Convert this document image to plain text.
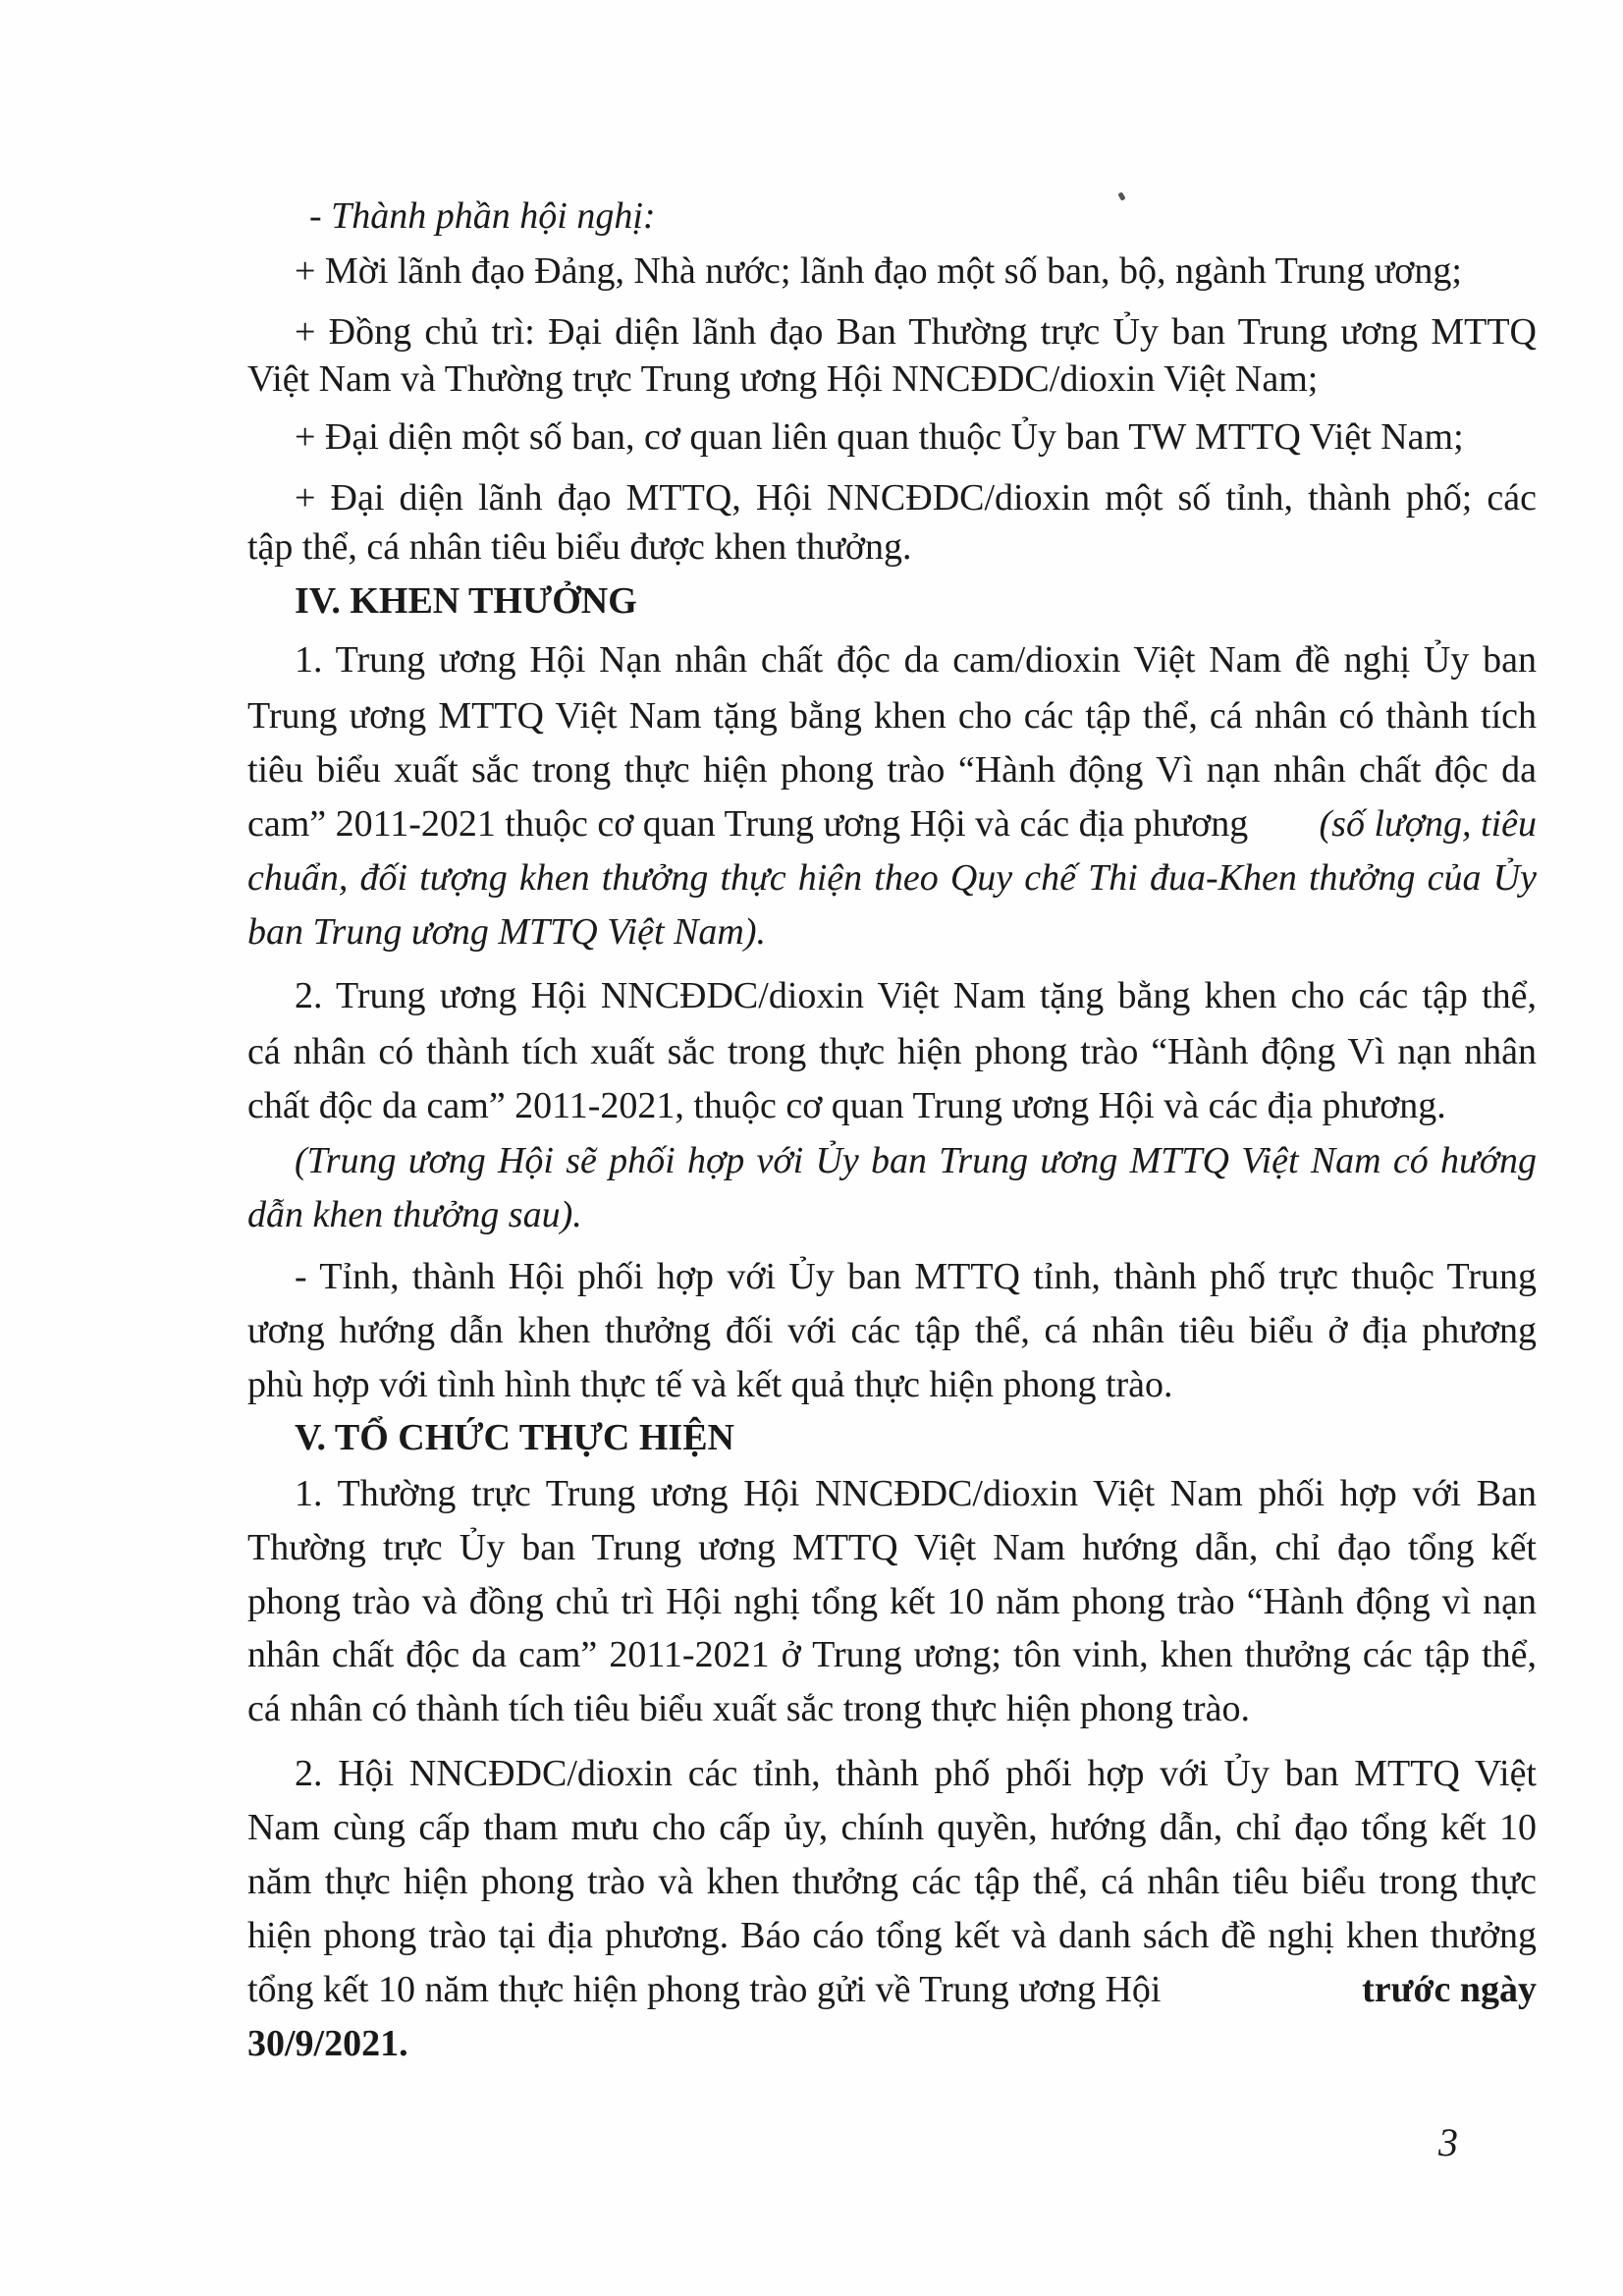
- Thành phần hội nghị:
+ Mời lãnh đạo Đảng, Nhà nước; lãnh đạo một số ban, bộ, ngành Trung ương;
+ Đồng chủ trì: Đại diện lãnh đạo Ban Thường trực Ủy ban Trung ương MTTQ
Việt Nam và Thường trực Trung ương Hội NNCĐDC/dioxin Việt Nam;
+ Đại diện một số ban, cơ quan liên quan thuộc Ủy ban TW MTTQ Việt Nam;
+ Đại diện lãnh đạo MTTQ, Hội NNCĐDC/dioxin một số tỉnh, thành phố; các
tập thể, cá nhân tiêu biểu được khen thưởng.
IV. KHEN THƯỞNG
1. Trung ương Hội Nạn nhân chất độc da cam/dioxin Việt Nam đề nghị Ủy ban
Trung ương MTTQ Việt Nam tặng bằng khen cho các tập thể, cá nhân có thành tích
tiêu biểu xuất sắc trong thực hiện phong trào “Hành động Vì nạn nhân chất độc da
cam” 2011-2021 thuộc cơ quan Trung ương Hội và các địa phương (số lượng, tiêu
chuẩn, đối tượng khen thưởng thực hiện theo Quy chế Thi đua-Khen thưởng của Ủy
ban Trung ương MTTQ Việt Nam).
2. Trung ương Hội NNCĐDC/dioxin Việt Nam tặng bằng khen cho các tập thể,
cá nhân có thành tích xuất sắc trong thực hiện phong trào “Hành động Vì nạn nhân
chất độc da cam” 2011-2021, thuộc cơ quan Trung ương Hội và các địa phương.
(Trung ương Hội sẽ phối hợp với Ủy ban Trung ương MTTQ Việt Nam có hướng
dẫn khen thưởng sau).
- Tỉnh, thành Hội phối hợp với Ủy ban MTTQ tỉnh, thành phố trực thuộc Trung
ương hướng dẫn khen thưởng đối với các tập thể, cá nhân tiêu biểu ở địa phương
phù hợp với tình hình thực tế và kết quả thực hiện phong trào.
V. TỔ CHỨC THỰC HIỆN
1. Thường trực Trung ương Hội NNCĐDC/dioxin Việt Nam phối hợp với Ban
Thường trực Ủy ban Trung ương MTTQ Việt Nam hướng dẫn, chỉ đạo tổng kết
phong trào và đồng chủ trì Hội nghị tổng kết 10 năm phong trào “Hành động vì nạn
nhân chất độc da cam” 2011-2021 ở Trung ương; tôn vinh, khen thưởng các tập thể,
cá nhân có thành tích tiêu biểu xuất sắc trong thực hiện phong trào.
2. Hội NNCĐDC/dioxin các tỉnh, thành phố phối hợp với Ủy ban MTTQ Việt
Nam cùng cấp tham mưu cho cấp ủy, chính quyền, hướng dẫn, chỉ đạo tổng kết 10
năm thực hiện phong trào và khen thưởng các tập thể, cá nhân tiêu biểu trong thực
hiện phong trào tại địa phương. Báo cáo tổng kết và danh sách đề nghị khen thưởng
tổng kết 10 năm thực hiện phong trào gửi về Trung ương Hội	trước ngày
30/9/2021.
3
